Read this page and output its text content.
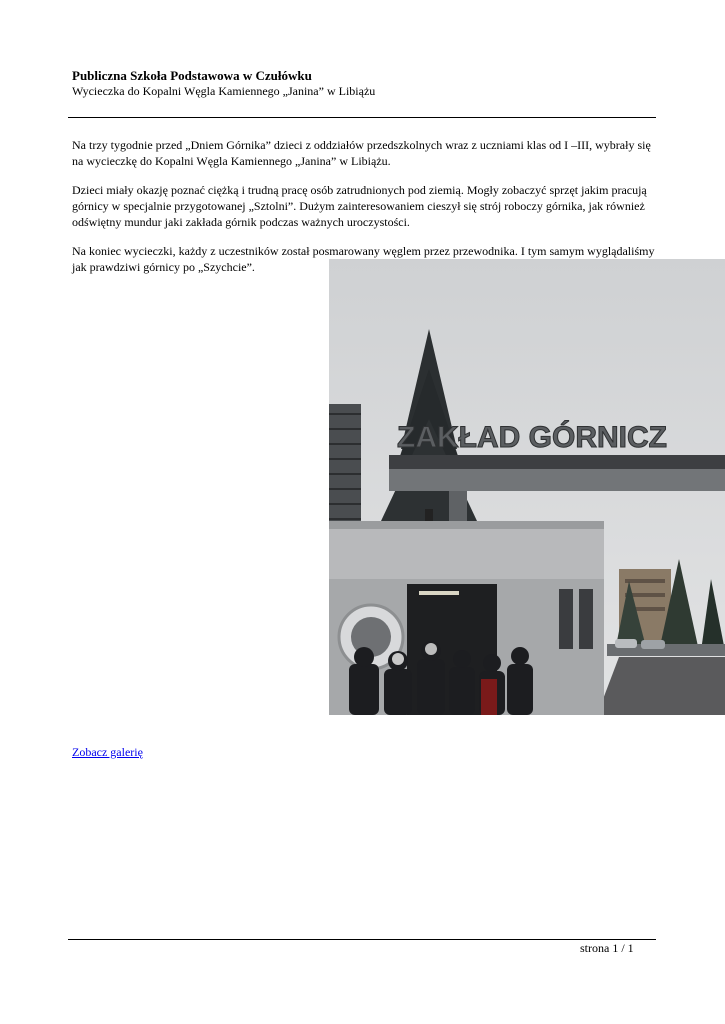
Publiczna Szkoła Podstawowa w Czułówku
Wycieczka do Kopalni Węgla Kamiennego „Janina” w Libiążu
Na trzy tygodnie przed „Dniem Górnika” dzieci z oddziałów przedszkolnych wraz z uczniami klas od I –III, wybrały się na wycieczkę do Kopalni Węgla Kamiennego „Janina” w Libiążu.
Dzieci miały okazję poznać ciężką i trudną pracę osób zatrudnionych pod ziemią. Mogły zobaczyć sprzęt jakim pracują górnicy w specjalnie przygotowanej „Sztolni”. Dużym zainteresowaniem cieszył się strój roboczy górnika, jak również odświętny mundur jaki zakłada górnik podczas ważnych uroczystości.
Na koniec wycieczki, każdy z uczestników został posmarowany węglem przez przewodnika. I tym samym wyglądaliśmy jak prawdziwi górnicy po „Szychcie”.
ZAKŁAD GÓRNICZ
Zobacz galerię
strona 1 / 1
